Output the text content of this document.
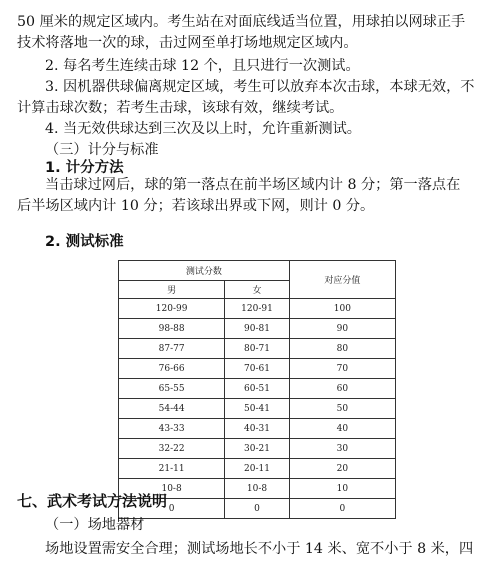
50 厘米的规定区域内。考生站在对面底线适当位置，用球拍以网球正手
技术将落地一次的球，击过网至单打场地规定区域内。
2. 每名考生连续击球 12 个，且只进行一次测试。
3. 因机器供球偏离规定区域，考生可以放弃本次击球，本球无效，不
计算击球次数；若考生击球，该球有效，继续考试。
4. 当无效供球达到三次及以上时，允许重新测试。
（三）计分与标准
1. 计分方法
当击球过网后，球的第一落点在前半场区域内计 8 分；第一落点在
后半场区域内计 10 分；若该球出界或下网，则计 0 分。
测试分数		对应分值
男	女	
120-99	120-91	100
98-88	90-81	90
87-77	80-71	80
76-66	70-61	70
65-55	60-51	60
54-44	50-41	50
43-33	40-31	40
32-22	30-21	30
21-11	20-11	20
10-8	10-8	10
0	0	0
七、武术考试方法说明
（一）场地器材
场地设置需安全合理；测试场地长不小于 14 米、宽不小于 8 米，四
2. 测试标准
